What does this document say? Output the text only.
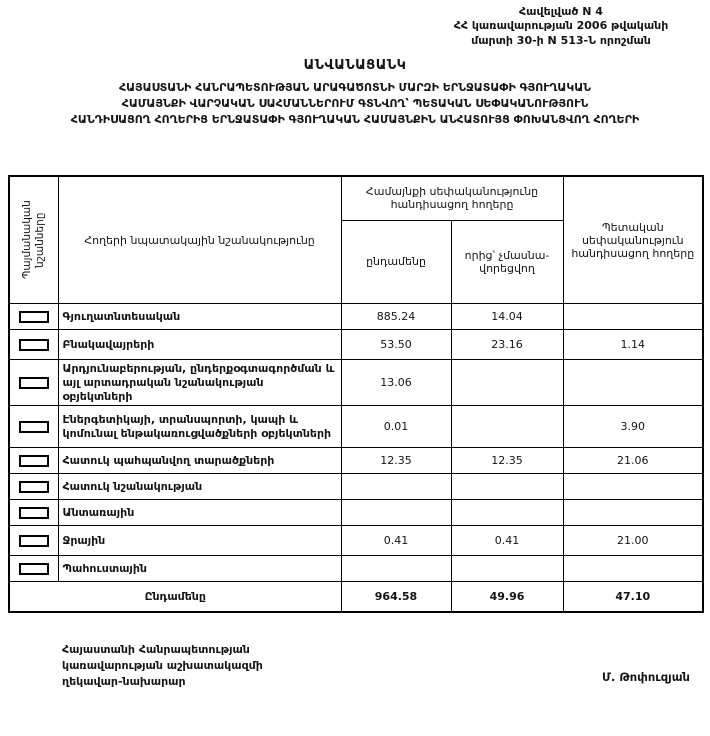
Հավելված N 4
ՀՀ կառավարության 2006 թվականի
մարտի 30-ի N 513-Ն որոշման
ԱՆՎԱՆԱՑԱՆԿ
ՀԱՅԱՍՏԱՆԻ ՀԱՆՐԱՊԵՏՈՒԹՅԱՆ ԱՐԱԳԱԾՈՏՆԻ ՄԱՐԶԻ ԵՐՆՋԱՏԱՓԻ ԳՅՈՒՂԱԿԱՆ
ՀԱՄԱՅՆՔԻ ՎԱՐՉԱԿԱՆ ՍԱՀՄԱՆՆԵՐՈՒՄ ԳՏՆՎՈՂ՝ ՊԵՏԱԿԱՆ ՍԵՓԱԿԱՆՈՒԹՅՈՒՆ
ՀԱՆԴԻՍԱՑՈՂ ՀՈՂԵՐԻՑ ԵՐՆՋԱՏԱՓԻ ԳՅՈՒՂԱԿԱՆ ՀԱՄԱՅՆՔԻՆ ԱՆՀԱՏՈՒՅՑ ՓՈԽԱՆՑՎՈՂ ՀՈՂԵՐԻ
Պայմանական նշանները	Հողերի նպատակային նշանակությունը	Համայնքի սեփականությունը հանդիսացող հողերը		Պետական սեփականություն հանդիսացող հողերը
		ընդամենը	որից՝ չմասնա-վորեցվող	

	Գյուղատնտեսական	885.24	14.04	

	Բնակավայրերի	53.50	23.16	1.14

	Արդյունաբերության, ընդերքօգտագործման և այլ արտադրական նշանակության օբյեկտների	13.06		

	Էներգետիկայի, տրանսպորտի, կապի և կոմունալ ենթակառուցվածքների օբյեկտների	0.01		3.90

	Հատուկ պահպանվող տարածքների	12.35	12.35	21.06

	Հատուկ նշանակության			

	Անտառային			

	Ջրային	0.41	0.41	21.00

	Պահուստային			
Ընդամենը		964.58	49.96	47.10
Հայաստանի Հանրապետության
կառավարության աշխատակազմի
ղեկավար-նախարար	Մ. Թոփուզյան
